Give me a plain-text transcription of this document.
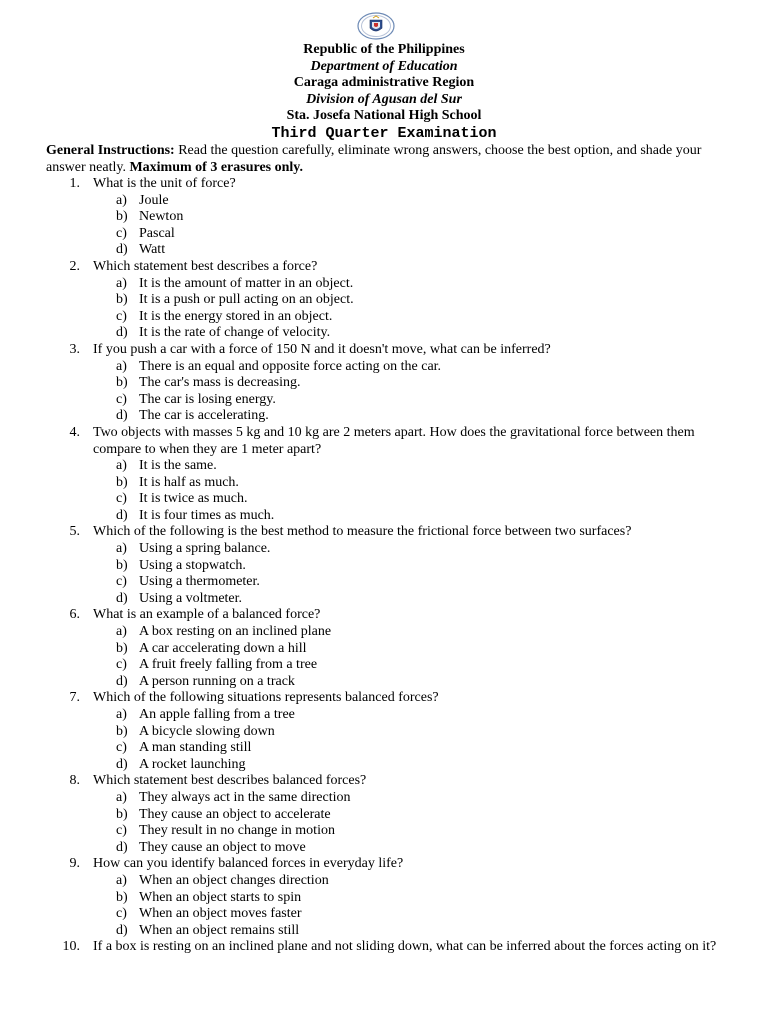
Republic of the Philippines
Department of Education
Caraga administrative Region
Division of Agusan del Sur
Sta. Josefa National High School
Third Quarter Examination
General Instructions: Read the question carefully, eliminate wrong answers, choose the best option, and shade your answer neatly. Maximum of 3 erasures only.
1. What is the unit of force?
a) Joule
b) Newton
c) Pascal
d) Watt
2. Which statement best describes a force?
a) It is the amount of matter in an object.
b) It is a push or pull acting on an object.
c) It is the energy stored in an object.
d) It is the rate of change of velocity.
3. If you push a car with a force of 150 N and it doesn't move, what can be inferred?
a) There is an equal and opposite force acting on the car.
b) The car's mass is decreasing.
c) The car is losing energy.
d) The car is accelerating.
4. Two objects with masses 5 kg and 10 kg are 2 meters apart. How does the gravitational force between them compare to when they are 1 meter apart?
a) It is the same.
b) It is half as much.
c) It is twice as much.
d) It is four times as much.
5. Which of the following is the best method to measure the frictional force between two surfaces?
a) Using a spring balance.
b) Using a stopwatch.
c) Using a thermometer.
d) Using a voltmeter.
6. What is an example of a balanced force?
a) A box resting on an inclined plane
b) A car accelerating down a hill
c) A fruit freely falling from a tree
d) A person running on a track
7. Which of the following situations represents balanced forces?
a) An apple falling from a tree
b) A bicycle slowing down
c) A man standing still
d) A rocket launching
8. Which statement best describes balanced forces?
a) They always act in the same direction
b) They cause an object to accelerate
c) They result in no change in motion
d) They cause an object to move
9. How can you identify balanced forces in everyday life?
a) When an object changes direction
b) When an object starts to spin
c) When an object moves faster
d) When an object remains still
10. If a box is resting on an inclined plane and not sliding down, what can be inferred about the forces acting on it?
